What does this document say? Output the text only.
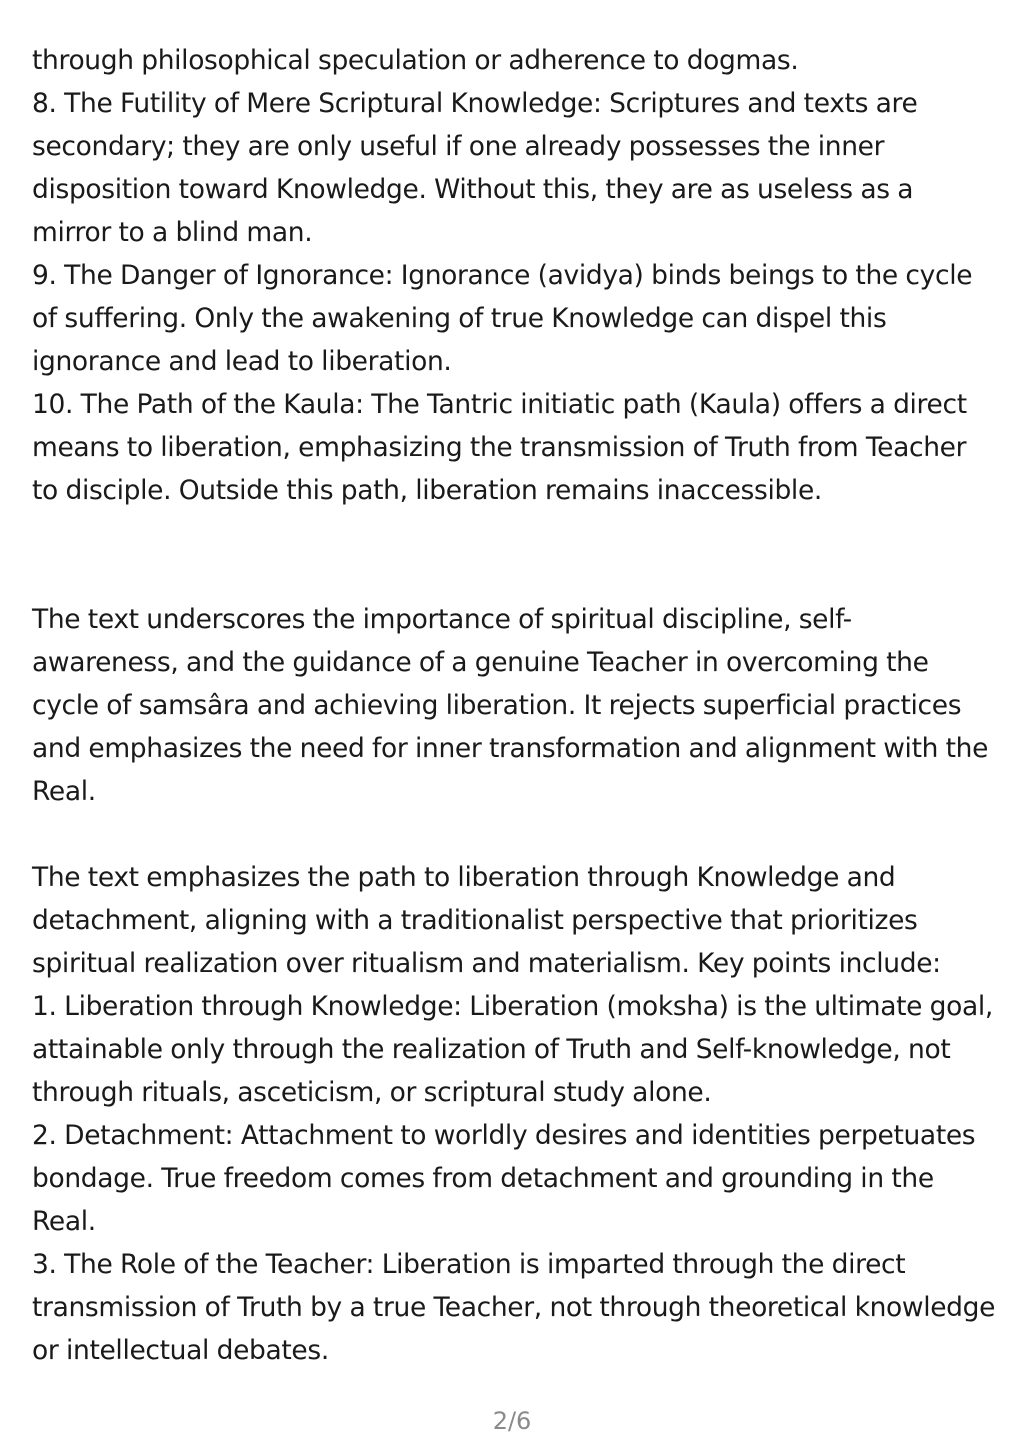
through philosophical speculation or adherence to dogmas.

8. The Futility of Mere Scriptural Knowledge: Scriptures and texts are secondary; they are only useful if one already possesses the inner disposition toward Knowledge. Without this, they are as useless as a mirror to a blind man.

9. The Danger of Ignorance: Ignorance (avidya) binds beings to the cycle of suffering. Only the awakening of true Knowledge can dispel this ignorance and lead to liberation.

10. The Path of the Kaula: The Tantric initiatic path (Kaula) offers a direct means to liberation, emphasizing the transmission of Truth from Teacher to disciple. Outside this path, liberation remains inaccessible.

The text underscores the importance of spiritual discipline, self-awareness, and the guidance of a genuine Teacher in overcoming the cycle of samsâra and achieving liberation. It rejects superficial practices and emphasizes the need for inner transformation and alignment with the Real.

The text emphasizes the path to liberation through Knowledge and detachment, aligning with a traditionalist perspective that prioritizes spiritual realization over ritualism and materialism. Key points include:

1. Liberation through Knowledge: Liberation (moksha) is the ultimate goal, attainable only through the realization of Truth and Self-knowledge, not through rituals, asceticism, or scriptural study alone.

2. Detachment: Attachment to worldly desires and identities perpetuates bondage. True freedom comes from detachment and grounding in the Real.

3. The Role of the Teacher: Liberation is imparted through the direct transmission of Truth by a true Teacher, not through theoretical knowledge or intellectual debates.

2/6
